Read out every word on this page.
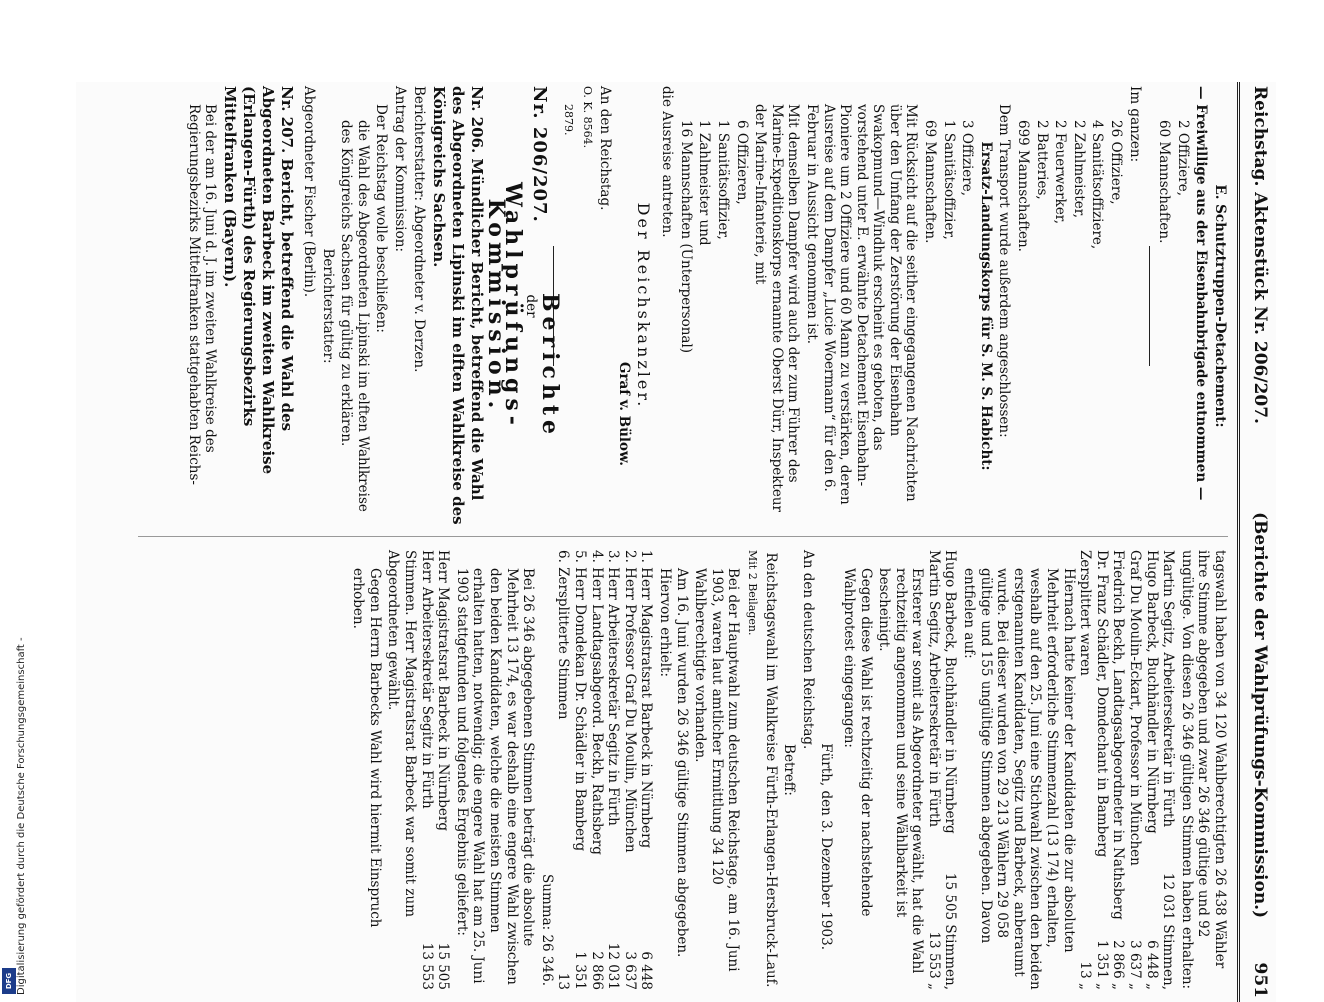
Digitalisierung gefördert durch die Deutsche Forschungsgemeinschaft -
DFG
Reichstag. Aktenstück Nr. 206/207.
(Berichte der Wahlprüfungs-Kommission.)
951

E. Schutztruppen-Detachement:

— Freiwillige aus der Eisenbahnbrigade entnommen —

2 Offiziere,

60 Mannschaften.

Im ganzen:

26 Offiziere,

4 Sanitätsoffiziere,

2 Zahlmeister,

2 Feuerwerker,

2 Batteries,

699 Mannschaften.

Dem Transport wurde außerdem angeschlossen:

Ersatz-Landungskorps für S. M. S. Habicht:

3 Offiziere,

1 Sanitätsoffizier,

69 Mannschaften.

Mit Rücksicht auf die seither eingegangenen Nachrichten über den Umfang der Zerstörung der Eisenbahn Swakopmund—Windhuk erscheint es geboten, das vorstehend unter E. erwähnte Detachement Eisenbahn-Pioniere um 2 Offiziere und 60 Mann zu verstärken, deren Ausreise auf dem Dampfer „Lucie Woermann“ für den 6. Februar in Aussicht genommen ist.

Mit demselben Dampfer wird auch der zum Führer des Marine-Expeditionskorps ernannte Oberst Dürr, Inspekteur der Marine-Infanterie, mit

6 Offizieren,

1 Sanitätsoffizier,

1 Zahlmeister und

16 Mannschaften (Unterpersonal)

die Ausreise antreten.

Der Reichskanzler.

Graf v. Bülow.

An den Reichstag.

O. K. 8564.

2879.

Nr. 206/207.

Berichte

der

Wahlprüfungs-Kommission.

Nr. 206. Mündlicher Bericht, betreffend die Wahl des Abgeordneten Lipinski im elften Wahlkreise des Königreichs Sachsen.

Berichterstatter: Abgeordneter v. Derzen.

Antrag der Kommission:

Der Reichstag wolle beschließen:

die Wahl des Abgeordneten Lipinski im elften Wahlkreise des Königreichs Sachsen für gültig zu erklären.

Berichterstatter:

Abgeordneter Fischer (Berlin).

Nr. 207. Bericht, betreffend die Wahl des Abgeordneten Barbeck im zweiten Wahlkreise (Erlangen-Fürth) des Regierungsbezirks Mittelfranken (Bayern).

Bei der am 16. Juni d. J. im zweiten Wahlkreise des Regierungsbezirks Mittelfranken stattgehabten Reichs-

tagswahl haben von 34 120 Wahlberechtigten 26 438 Wähler ihre Stimme abgegeben und zwar 26 346 gültige und 92 ungültige. Von diesen 26 346 gültigen Stimmen haben erhalten:

Martin Segitz, Arbeitersekretär in Fürth
12 031 Stimmen,
Hugo Barbeck, Buchhändler in Nürnberg
6 448 „
Graf Du Moulin-Eckart, Professor in München
3 637 „
Friedrich Beckh, Landtagsabgeordneter in Nathsberg
2 866 „
Dr. Franz Schädler, Domdechant in Bamberg
1 351 „
Zersplittert waren
13 „

Hiernach hatte keiner der Kandidaten die zur absoluten Mehrheit erforderliche Stimmenzahl (13 174) erhalten, weshalb auf den 25. Juni eine Stichwahl zwischen den beiden erstgenannten Kandidaten, Segitz und Barbeck, anberaumt wurde. Bei dieser wurden von 29 213 Wählern 29 058 gültige und 155 ungültige Stimmen abgegeben. Davon entfielen auf:

Hugo Barbeck, Buchhändler in Nürnberg
15 505 Stimmen,
Martin Segitz, Arbeitersekretär in Fürth
13 553 „

Ersterer war somit als Abgeordneter gewählt, hat die Wahl rechtzeitig angenommen und seine Wählbarkeit ist bescheinigt.

Gegen diese Wahl ist rechtzeitig der nachstehende Wahlprotest eingegangen:

Fürth, den 3. Dezember 1903.

An den deutschen Reichstag.

Betreff:

Reichstagswahl im Wahlkreise Fürth-Erlangen-Hersbruck-Lauf.

Mit 2 Beilagen.

Bei der Hauptwahl zum deutschen Reichstage, am 16. Juni 1903, waren laut amtlicher Ermittlung 34 120 Wahlberechtigte vorhanden.

Am 16. Juni wurden 26 346 gültige Stimmen abgegeben. Hiervon erhielt:

1. Herr Magistratsrat Barbeck in Nürnberg
6 448
2. Herr Professor Graf Du Moulin, München
3 637
3. Herr Arbeitersekretär Segitz in Fürth
12 031
4. Herr Landtagsabgeord. Beckh, Rathsberg
2 866
5. Herr Domdekan Dr. Schädler in Bamberg
1 351
6. Zersplitterte Stimmen
13

Summa: 26 346.

Bei 26 346 abgegebenen Stimmen beträgt die absolute Mehrheit 13 174, es war deshalb eine engere Wahl zwischen den beiden Kandidaten, welche die meisten Stimmen erhalten hatten, notwendig; die engere Wahl hat am 25. Juni 1903 stattgefunden und folgendes Ergebnis geliefert:

Herr Magistratsrat Barbeck in Nürnberg
15 505
Herr Arbeitersekretär Segitz in Fürth
13 553

Stimmen. Herr Magistratsrat Barbeck war somit zum Abgeordneten gewählt.

Gegen Herrn Barbecks Wahl wird hiermit Einspruch erhoben.
